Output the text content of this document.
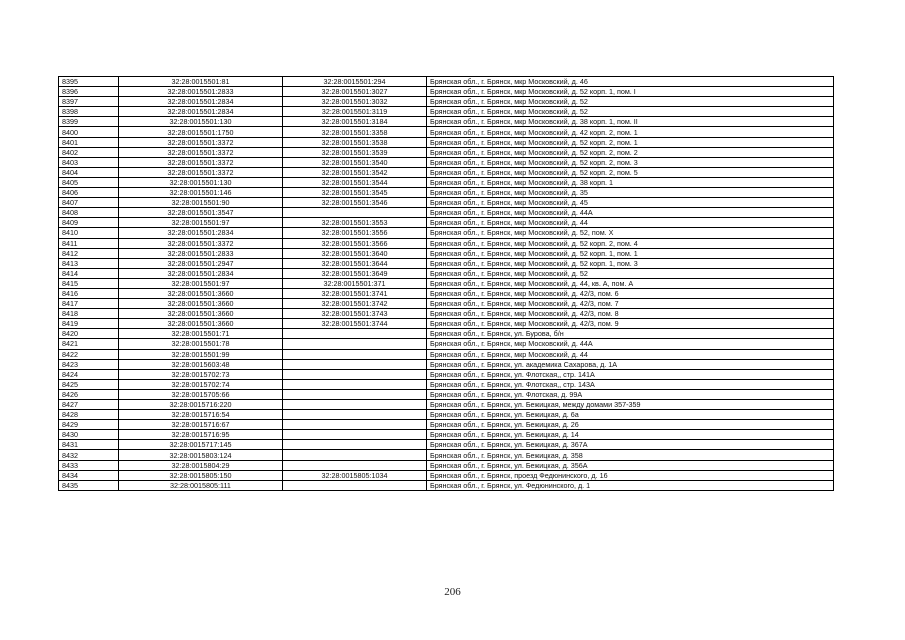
8395	32:28:0015501:81	32:28:0015501:294	Брянская обл., г. Брянск, мкр Московский, д. 46
8396	32:28:0015501:2833	32:28:0015501:3027	Брянская обл., г. Брянск, мкр Московский, д. 52 корп. 1, пом. I
8397	32:28:0015501:2834	32:28:0015501:3032	Брянская обл., г. Брянск, мкр Московский, д. 52
8398	32:28:0015501:2834	32:28:0015501:3119	Брянская обл., г. Брянск, мкр Московский, д. 52
8399	32:28:0015501:130	32:28:0015501:3184	Брянская обл., г. Брянск, мкр Московский, д. 38 корп. 1, пом. II
8400	32:28:0015501:1750	32:28:0015501:3358	Брянская обл., г. Брянск, мкр Московский, д. 42 корп. 2, пом. 1
8401	32:28:0015501:3372	32:28:0015501:3538	Брянская обл., г. Брянск, мкр Московский, д. 52 корп. 2, пом. 1
8402	32:28:0015501:3372	32:28:0015501:3539	Брянская обл., г. Брянск, мкр Московский, д. 52 корп. 2, пом. 2
8403	32:28:0015501:3372	32:28:0015501:3540	Брянская обл., г. Брянск, мкр Московский, д. 52 корп. 2, пом. 3
8404	32:28:0015501:3372	32:28:0015501:3542	Брянская обл., г. Брянск, мкр Московский, д. 52 корп. 2, пом. 5
8405	32:28:0015501:130	32:28:0015501:3544	Брянская обл., г. Брянск, мкр Московский, д. 38 корп. 1
8406	32:28:0015501:146	32:28:0015501:3545	Брянская обл., г. Брянск, мкр Московский, д. 35
8407	32:28:0015501:90	32:28:0015501:3546	Брянская обл., г. Брянск, мкр Московский, д. 45
8408	32:28:0015501:3547		Брянская обл., г. Брянск, мкр Московский, д. 44А
8409	32:28:0015501:97	32:28:0015501:3553	Брянская обл., г. Брянск, мкр Московский, д. 44
8410	32:28:0015501:2834	32:28:0015501:3556	Брянская обл., г. Брянск, мкр Московский, д. 52, пом. X
8411	32:28:0015501:3372	32:28:0015501:3566	Брянская обл., г. Брянск, мкр Московский, д. 52 корп. 2, пом. 4
8412	32:28:0015501:2833	32:28:0015501:3640	Брянская обл., г. Брянск, мкр Московский, д. 52 корп. 1, пом. 1
8413	32:28:0015501:2947	32:28:0015501:3644	Брянская обл., г. Брянск, мкр Московский, д. 52 корп. 1, пом. 3
8414	32:28:0015501:2834	32:28:0015501:3649	Брянская обл., г. Брянск, мкр Московский, д. 52
8415	32:28:0015501:97	32:28:0015501:371	Брянская обл., г. Брянск, мкр Московский, д. 44, кв. А, пом. А
8416	32:28:0015501:3660	32:28:0015501:3741	Брянская обл., г. Брянск, мкр Московский, д. 42/3, пом. 6
8417	32:28:0015501:3660	32:28:0015501:3742	Брянская обл., г. Брянск, мкр Московский, д. 42/3, пом. 7
8418	32:28:0015501:3660	32:28:0015501:3743	Брянская обл., г. Брянск, мкр Московский, д. 42/3, пом. 8
8419	32:28:0015501:3660	32:28:0015501:3744	Брянская обл., г. Брянск, мкр Московский, д. 42/3, пом. 9
8420	32:28:0015501:71		Брянская обл., г. Брянск, ул. Бурова, б/н
8421	32:28:0015501:78		Брянская обл., г. Брянск, мкр Московский, д. 44А
8422	32:28:0015501:99		Брянская обл., г. Брянск, мкр Московский, д. 44
8423	32:28:0015603:48		Брянская обл., г. Брянск, ул. академика Сахарова, д. 1А
8424	32:28:0015702:73		Брянская обл., г. Брянск, ул. Флотская,, стр. 141А
8425	32:28:0015702:74		Брянская обл., г. Брянск, ул. Флотская,, стр. 143А
8426	32:28:0015705:66		Брянская обл., г. Брянск, ул. Флотская, д. 99А
8427	32:28:0015716:220		Брянская обл., г. Брянск, ул. Бежицкая, между домами 357-359
8428	32:28:0015716:54		Брянская обл., г. Брянск, ул. Бежицкая, д. 6а
8429	32:28:0015716:67		Брянская обл., г. Брянск, ул. Бежицкая, д. 26
8430	32:28:0015716:95		Брянская обл., г. Брянск, ул. Бежицкая, д. 14
8431	32:28:0015717:145		Брянская обл., г. Брянск, ул. Бежицкая, д. 367А
8432	32:28:0015803:124		Брянская обл., г. Брянск, ул. Бежицкая, д. 358
8433	32:28:0015804:29		Брянская обл., г. Брянск, ул. Бежицкая, д. 356А
8434	32:28:0015805:150	32:28:0015805:1034	Брянская обл., г. Брянск, проезд Федюнинского, д. 16
8435	32:28:0015805:111		Брянская обл., г. Брянск, ул. Федюнинского, д. 1
206
